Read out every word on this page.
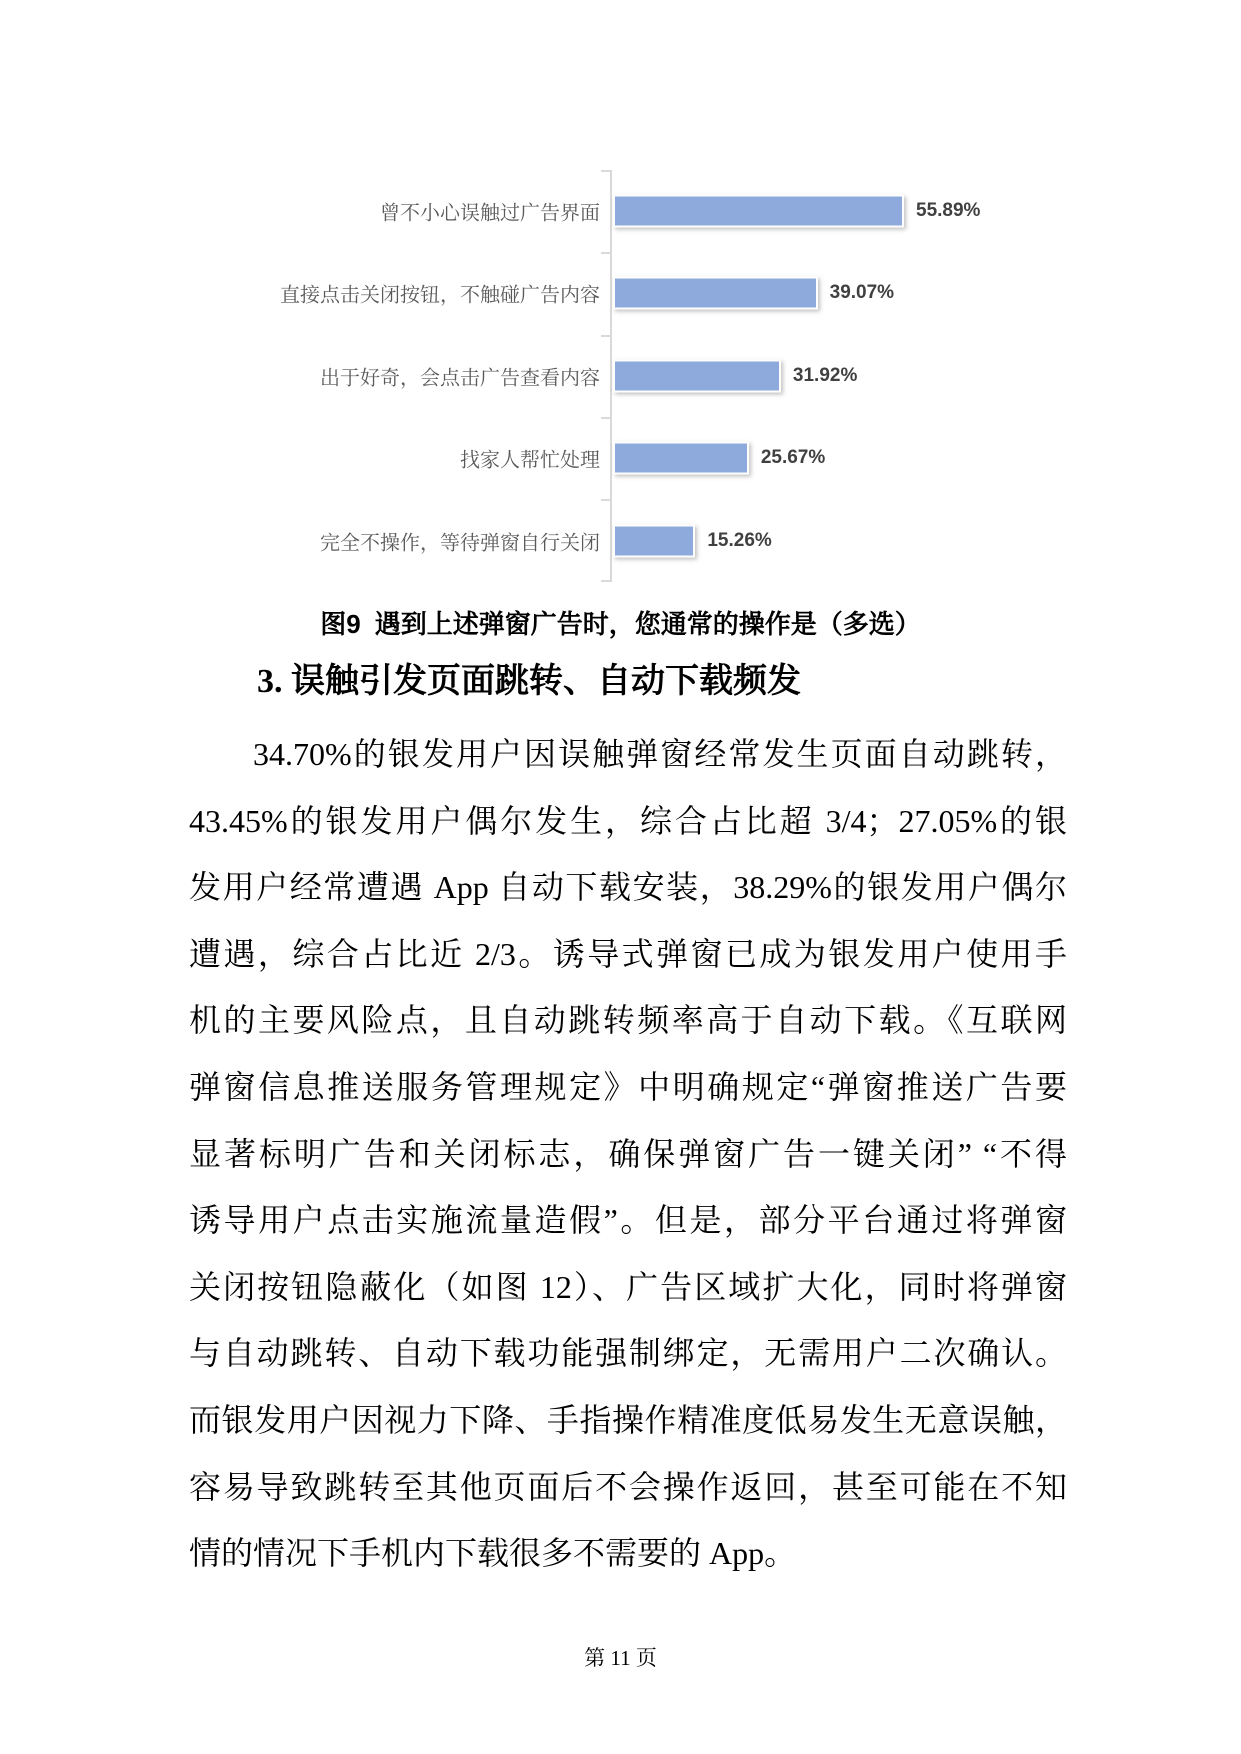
曾不小心误触过广告界面	55.89%
直接点击关闭按钮，不触碰广告内容	39.07%
出于好奇，会点击广告查看内容	31.92%
找家人帮忙处理	25.67%
完全不操作，等待弹窗自行关闭	15.26%
图9 遇到上述弹窗广告时，您通常的操作是（多选）
3. 误触引发页面跳转、自动下载频发
34.70%的银发用户因误触弹窗经常发生页面自动跳转，
43.45%的银发用户偶尔发生，综合占比超 3/4；27.05%的银
发用户经常遭遇 App 自动下载安装，38.29%的银发用户偶尔
遭遇，综合占比近 2/3。诱导式弹窗已成为银发用户使用手
机的主要风险点，且自动跳转频率高于自动下载。《互联网
弹窗信息推送服务管理规定》中明确规定“弹窗推送广告要
显著标明广告和关闭标志，确保弹窗广告一键关闭” “不得
诱导用户点击实施流量造假”。但是，部分平台通过将弹窗
关闭按钮隐蔽化（如图 12）、广告区域扩大化，同时将弹窗
与自动跳转、自动下载功能强制绑定，无需用户二次确认。
而银发用户因视力下降、手指操作精准度低易发生无意误触，
容易导致跳转至其他页面后不会操作返回，甚至可能在不知
情的情况下手机内下载很多不需要的 App。
第 11 页
